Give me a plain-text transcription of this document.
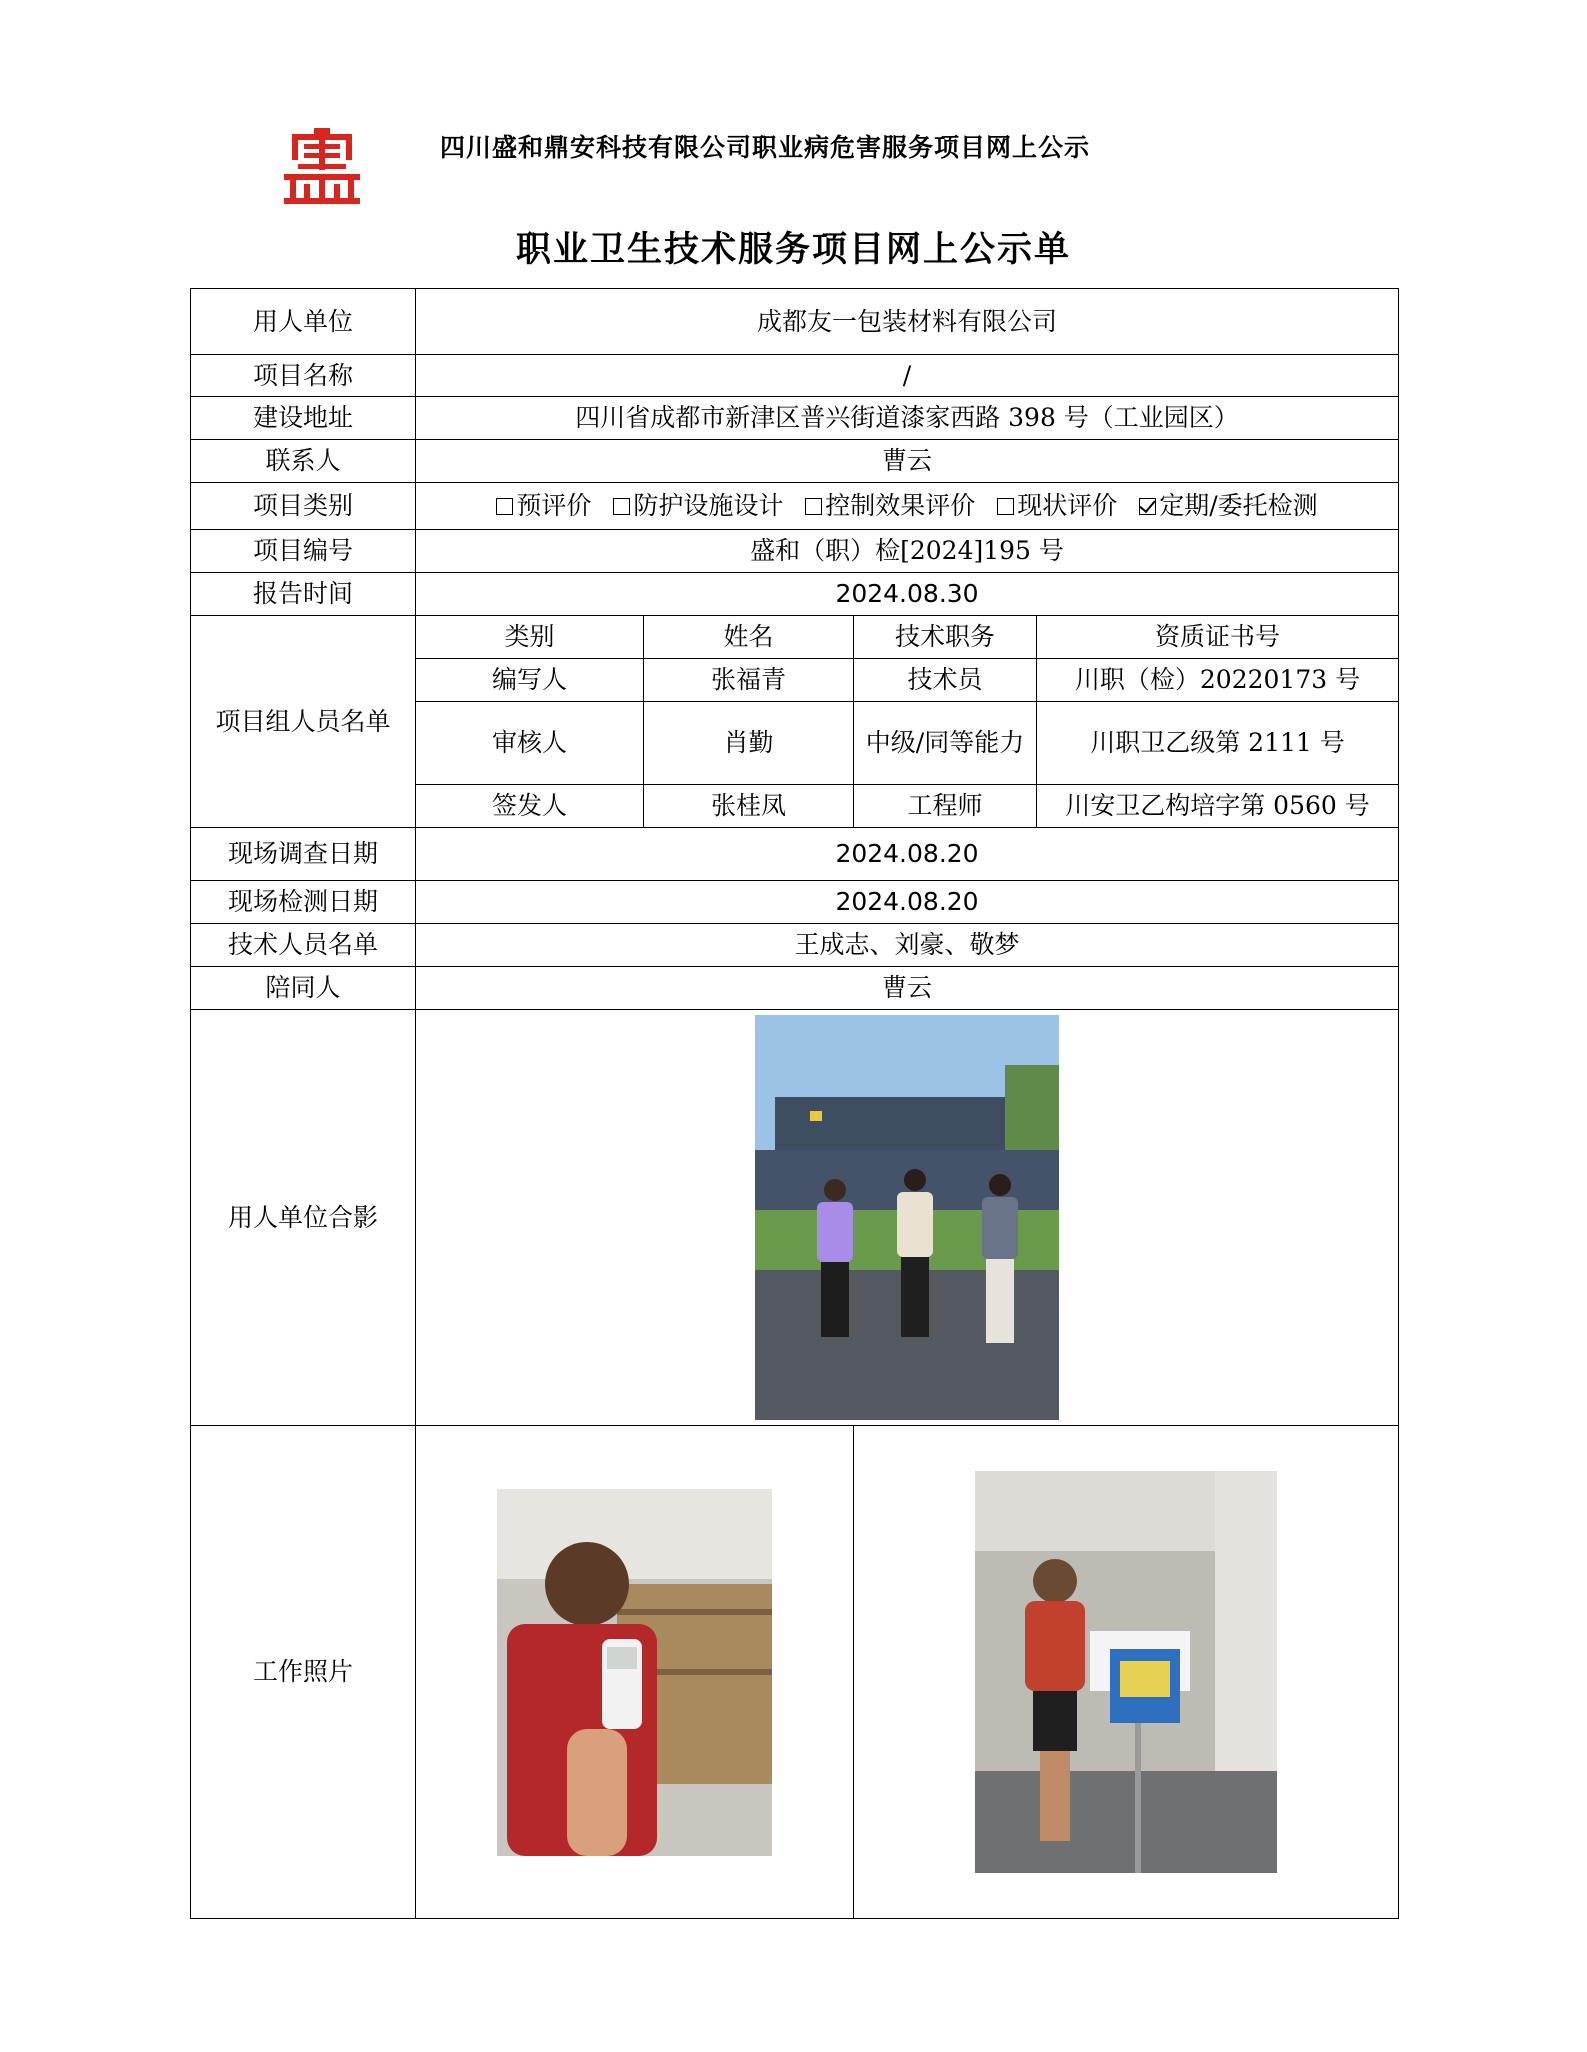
四川盛和鼎安科技有限公司职业病危害服务项目网上公示
职业卫生技术服务项目网上公示单
用人单位	成都友一包装材料有限公司			
项目名称	/			
建设地址	四川省成都市新津区普兴街道漆家西路 398 号（工业园区）			
联系人	曹云			
项目类别	预评价 防护设施设计 控制效果评价 现状评价 定期/委托检测			
项目编号	盛和（职）检[2024]195 号			
报告时间	2024.08.30			
项目组人员名单	类别	姓名	技术职务	资质证书号
	编写人	张福青	技术员	川职（检）20220173 号
	审核人	肖勤	中级/同等能力	川职卫乙级第 2111 号
	签发人	张桂凤	工程师	川安卫乙构培字第 0560 号
现场调查日期	2024.08.20			
现场检测日期	2024.08.20			
技术人员名单	王成志、刘豪、敬梦			
陪同人	曹云			
用人单位合影	

工作照片	
